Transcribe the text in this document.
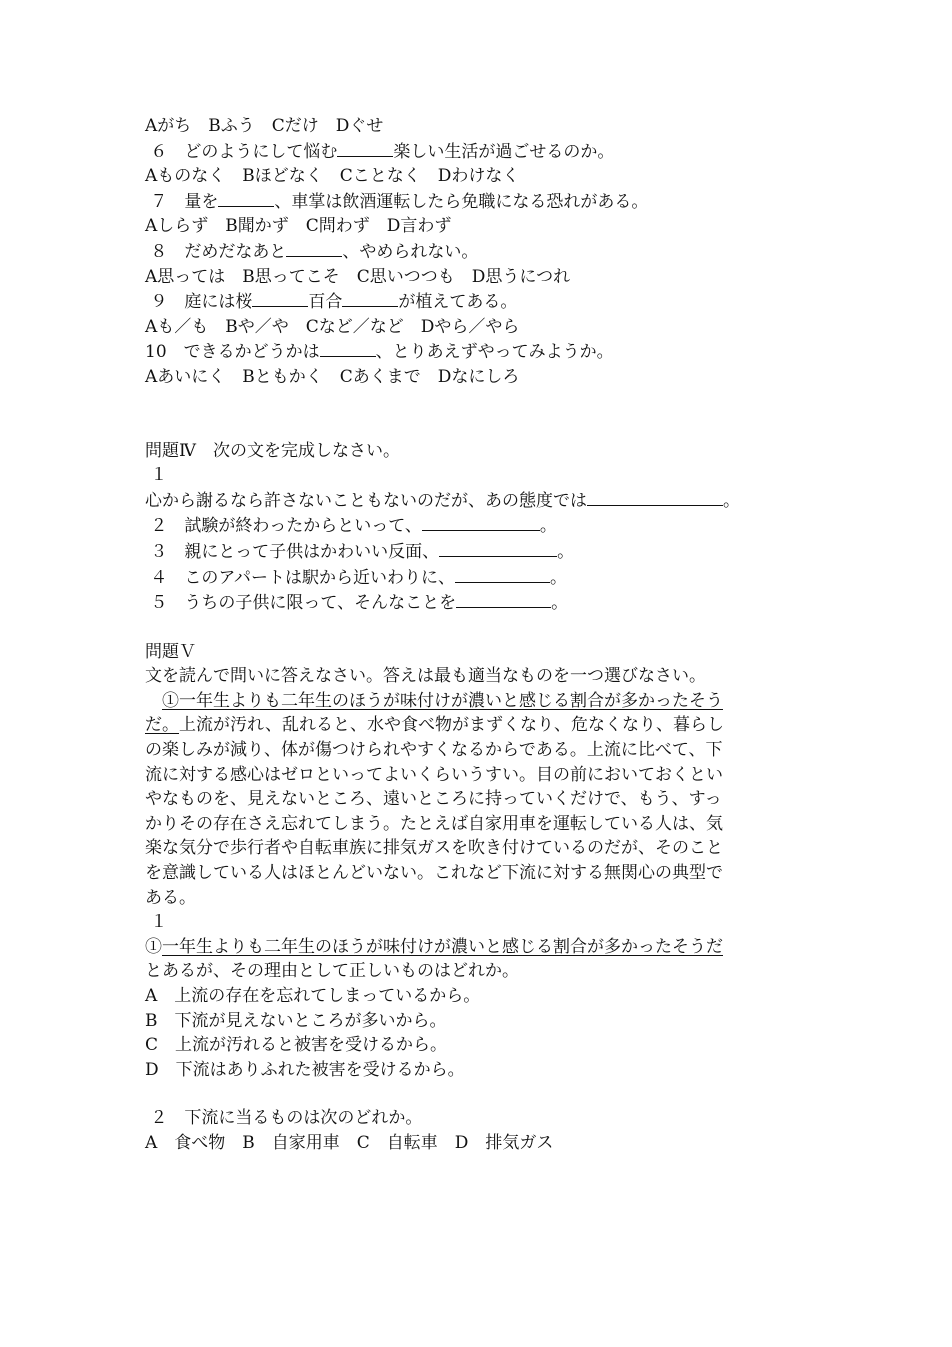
Aがち　Bふう　Cだけ　Dぐせ
６　 どのようにして悩む	楽しい生活が過ごせるのか。
Aものなく　Bほどなく　Cことなく　Dわけなく
７　 量を	、車掌は飲酒運転したら免職になる恐れがある。
Aしらず　B聞かず　C問わず　D言わず
８　 だめだなあと	、やめられない。
A思っては　B思ってこそ　C思いつつも　D思うにつれ
９　 庭には桜	百合	が植えてある。
Aも／も　Bや／や　Cなど／など　Dやら／やら
10　 できるかどうかは	、とりあえずやってみようか。
Aあいにく　Bともかく　Cあくまで　Dなにしろ
問題Ⅳ　次の文を完成しなさい。
１
心から謝るなら許さないこともないのだが、あの態度では	。
２　 試験が終わったからといって、	。
３　 親にとって子供はかわいい反面、	。
４　 このアパートは駅から近いわりに、	。
５　 うちの子供に限って、そんなことを	。
問題Ｖ
文を読んで問いに答えなさい。答えは最も適当なものを一つ選びなさい。
　①一年生よりも二年生のほうが味付けが濃いと感じる割合が多かったそう
だ。上流が汚れ、乱れると、水や食べ物がまずくなり、危なくなり、暮らし
の楽しみが減り、体が傷つけられやすくなるからである。上流に比べて、下
流に対する感心はゼロといってよいくらいうすい。目の前においておくとい
やなものを、見えないところ、遠いところに持っていくだけで、もう、すっ
かりその存在さえ忘れてしまう。たとえば自家用車を運転している人は、気
楽な気分で歩行者や自転車族に排気ガスを吹き付けているのだが、そのこと
を意識している人はほとんどいない。これなど下流に対する無関心の典型で
ある。
１
①一年生よりも二年生のほうが味付けが濃いと感じる割合が多かったそうだ
とあるが、その理由として正しいものはどれか。
A　上流の存在を忘れてしまっているから。
B　下流が見えないところが多いから。
C　上流が汚れると被害を受けるから。
D　下流はありふれた被害を受けるから。
２　下流に当るものは次のどれか。
A　食べ物　B　自家用車　C　自転車　D　排気ガス
